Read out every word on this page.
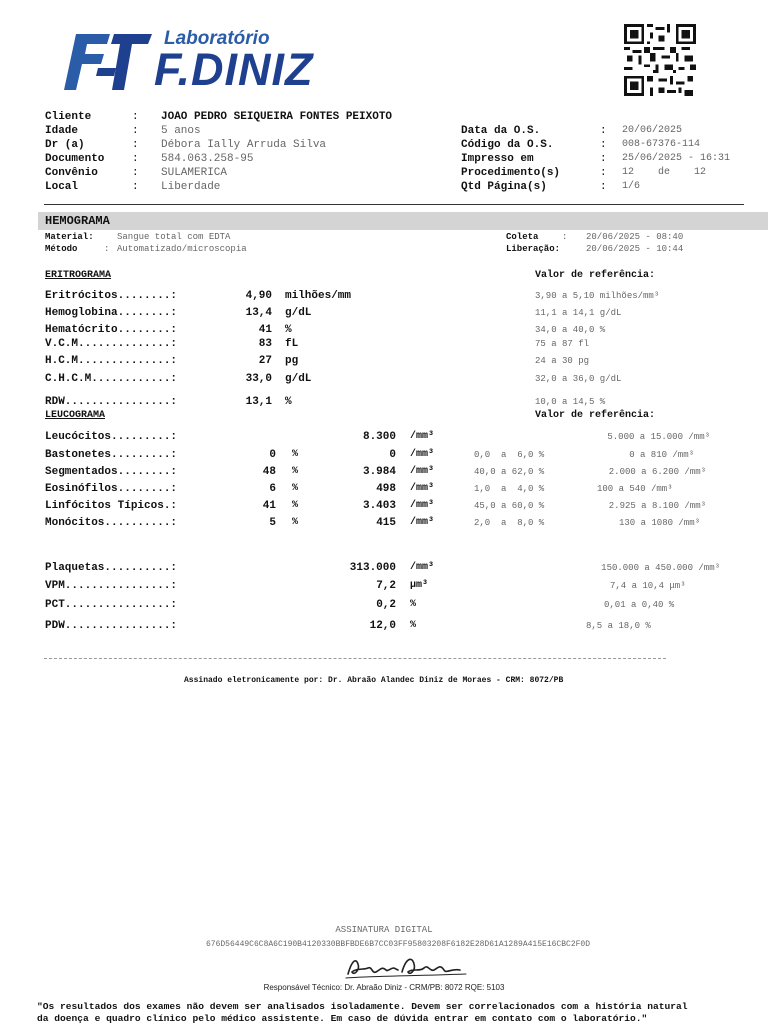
Laboratório
F.DINIZ
Cliente	: JOAO PEDRO SEIQUEIRA FONTES PEIXOTO
Idade	: 5 anos
Dr (a)	: Débora Ially Arruda Silva
Documento	: 584.063.258-95
Convênio	: SULAMERICA
Local	: Liberdade
Data da O.S.	: 20/06/2025
Código da O.S.	: 008-67376-114
Impresso em	: 25/06/2025 - 16:31
Procedimento(s)	: 12    de    12
Qtd Página(s)	: 1/6
HEMOGRAMA
Material:	Sangue total com EDTA
Método	: Automatizado/microscopia
Coleta	: 20/06/2025 - 08:40
Liberação:	20/06/2025 - 10:44
ERITROGRAMA	Valor de referência:
Eritrócitos........:	4,90 milhões/mm	3,90 a 5,10 milhões/mm³
Hemoglobina........:	13,4 g/dL	11,1 a 14,1 g/dL
Hematócrito........:	41 %	34,0 a 40,0 %
V.C.M..............:	83 fL	75 a 87 fl
H.C.M..............:	27 pg	24 a 30 pg
C.H.C.M............:	33,0 g/dL	32,0 a 36,0 g/dL
RDW................:	13,1 %	10,0 a 14,5 %
LEUCOGRAMA	Valor de referência:
Leucócitos.........:	8.300 /mm³	5.000 a 15.000 /mm³
Bastonetes.........:	0 %	0 /mm³	0,0  a  6,0 %	0 a 810 /mm³
Segmentados........:	48 %	3.984 /mm³	40,0 a 62,0 %	2.000 a 6.200 /mm³
Eosinófilos........:	6 %	498 /mm³	1,0  a  4,0 %	100 a 540 /mm³
Linfócitos Típicos.:	41 %	3.403 /mm³	45,0 a 60,0 %	2.925 a 8.100 /mm³
Monócitos..........:	5 %	415 /mm³	2,0  a  8,0 %	130 a 1080 /mm³
Plaquetas..........:	313.000 /mm³	150.000 a 450.000 /mm³
VPM................:	7,2 μm³	7,4 a 10,4 μm³
PCT................:	0,2 %	0,01 a 0,40 %
PDW................:	12,0 %	8,5 a 18,0 %
Assinado eletronicamente por: Dr. Abraão Alandec Diniz de Moraes - CRM: 8072/PB
ASSINATURA DIGITAL
676D56449C6C8A6C190B4120330BBFBDE6B7CC03FF95803208F6182E28D61A1289A415E16CBC2F0D
Responsável Técnico: Dr. Abraão Diniz - CRM/PB: 8072 RQE: 5103
"Os resultados dos exames não devem ser analisados isoladamente. Devem ser correlacionados com a história natural
da doença e quadro clínico pelo médico assistente. Em caso de dúvida entrar em contato com o laboratório."
